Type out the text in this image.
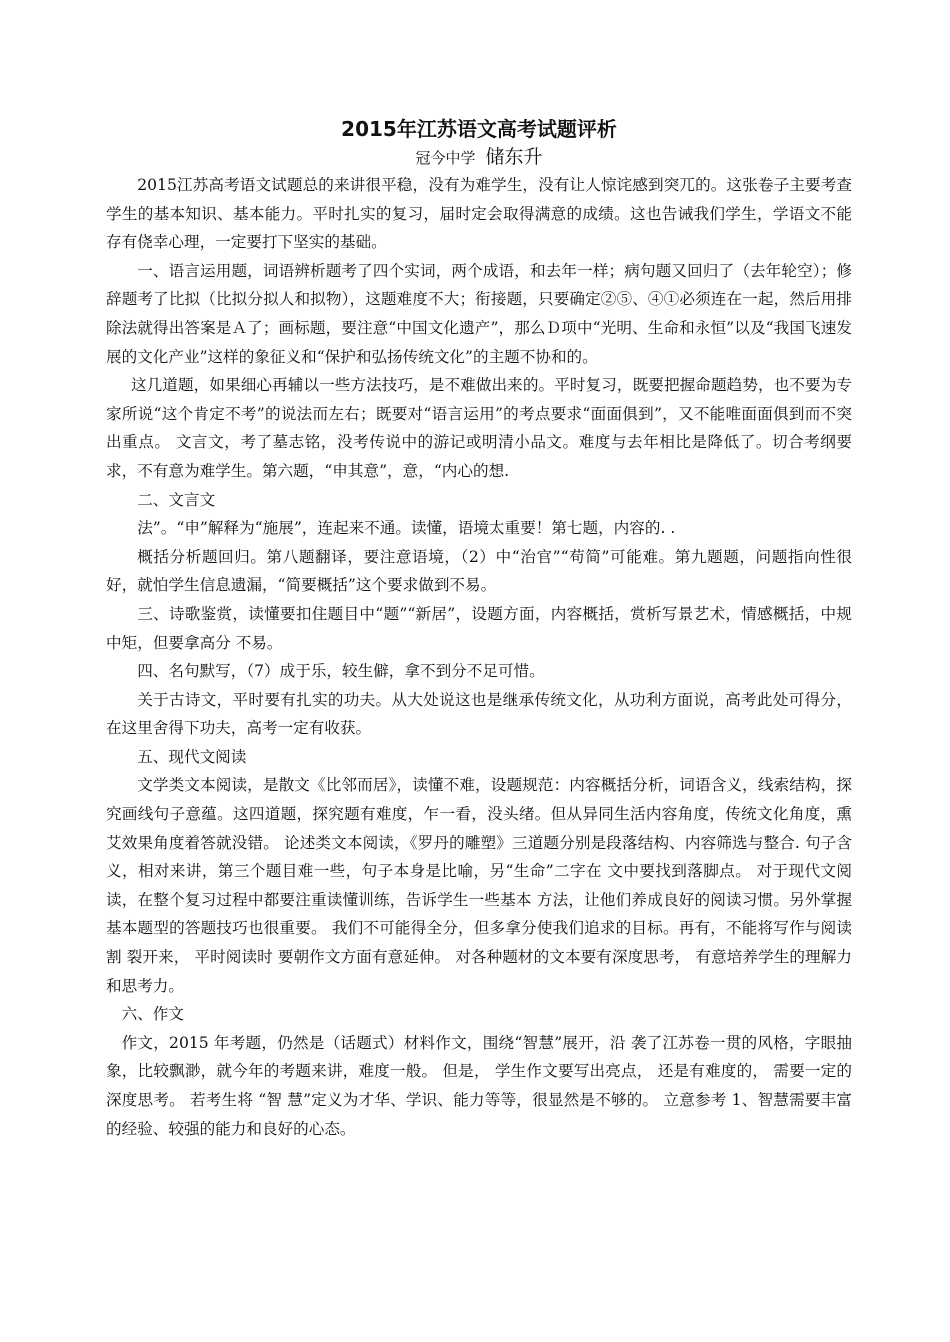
2015年江苏语文高考试题评析

冠今中学 储东升

2015江苏高考语文试题总的来讲很平稳，没有为难学生，没有让人惊诧感到突兀的。这张卷子主要考查学生的基本知识、基本能力。平时扎实的复习，届时定会取得满意的成绩。这也告诫我们学生，学语文不能存有侥幸心理，一定要打下坚实的基础。

一、语言运用题，词语辨析题考了四个实词，两个成语，和去年一样；病句题又回归了（去年轮空）；修辞题考了比拟（比拟分拟人和拟物），这题难度不大；衔接题，只要确定②⑤、④①必须连在一起，然后用排除法就得出答案是Ａ了；画标题，要注意“中国文化遗产”，那么Ｄ项中“光明、生命和永恒”以及“我国飞速发展的文化产业”这样的象征义和“保护和弘扬传统文化”的主题不协和的。

这几道题，如果细心再辅以一些方法技巧，是不难做出来的。平时复习，既要把握命题趋势，也不要为专家所说“这个肯定不考”的说法而左右；既要对“语言运用”的考点要求“面面俱到”，又不能唯面面俱到而不突出重点。 文言文，考了墓志铭，没考传说中的游记或明清小品文。难度与去年相比是降低了。切合考纲要求，不有意为难学生。第六题，“申其意”，意，“内心的想.

二、文言文

法”。“申”解释为“施展”，连起来不通。读懂，语境太重要！第七题，内容的. .

概括分析题回归。第八题翻译，要注意语境，（2）中“治官”“苟简”可能难。第九题题，问题指向性很好，就怕学生信息遗漏，“简要概括”这个要求做到不易。

三、诗歌鉴赏，读懂要扣住题目中“题”“新居”，设题方面，内容概括，赏析写景艺术，情感概括，中规中矩，但要拿高分 不易。

四、名句默写，（7）成于乐，较生僻，拿不到分不足可惜。

关于古诗文，平时要有扎实的功夫。从大处说这也是继承传统文化，从功利方面说，高考此处可得分，在这里舍得下功夫，高考一定有收获。

五、现代文阅读

文学类文本阅读，是散文《比邻而居》，读懂不难，设题规范：内容概括分析，词语含义，线索结构，探究画线句子意蕴。这四道题，探究题有难度，乍一看，没头绪。但从异同生活内容角度，传统文化角度，熏艾效果角度着答就没错。 论述类文本阅读，《罗丹的雕塑》三道题分别是段落结构、内容筛选与整合. 句子含义，相对来讲，第三个题目难一些，句子本身是比喻，另“生命”二字在 文中要找到落脚点。 对于现代文阅读，在整个复习过程中都要注重读懂训练，告诉学生一些基本 方法，让他们养成良好的阅读习惯。另外掌握基本题型的答题技巧也很重要。 我们不可能得全分，但多拿分使我们追求的目标。再有，不能将写作与阅读割 裂开来， 平时阅读时 要朝作文方面有意延伸。 对各种题材的文本要有深度思考， 有意培养学生的理解力和思考力。

六、作文

作文，2015 年考题，仍然是（话题式）材料作文，围绕“智慧”展开，沿 袭了江苏卷一贯的风格，字眼抽象，比较飘渺，就今年的考题来讲，难度一般。 但是， 学生作文要写出亮点， 还是有难度的， 需要一定的深度思考。 若考生将 “智 慧”定义为才华、学识、能力等等，很显然是不够的。 立意参考 1、智慧需要丰富的经验、较强的能力和良好的心态。
